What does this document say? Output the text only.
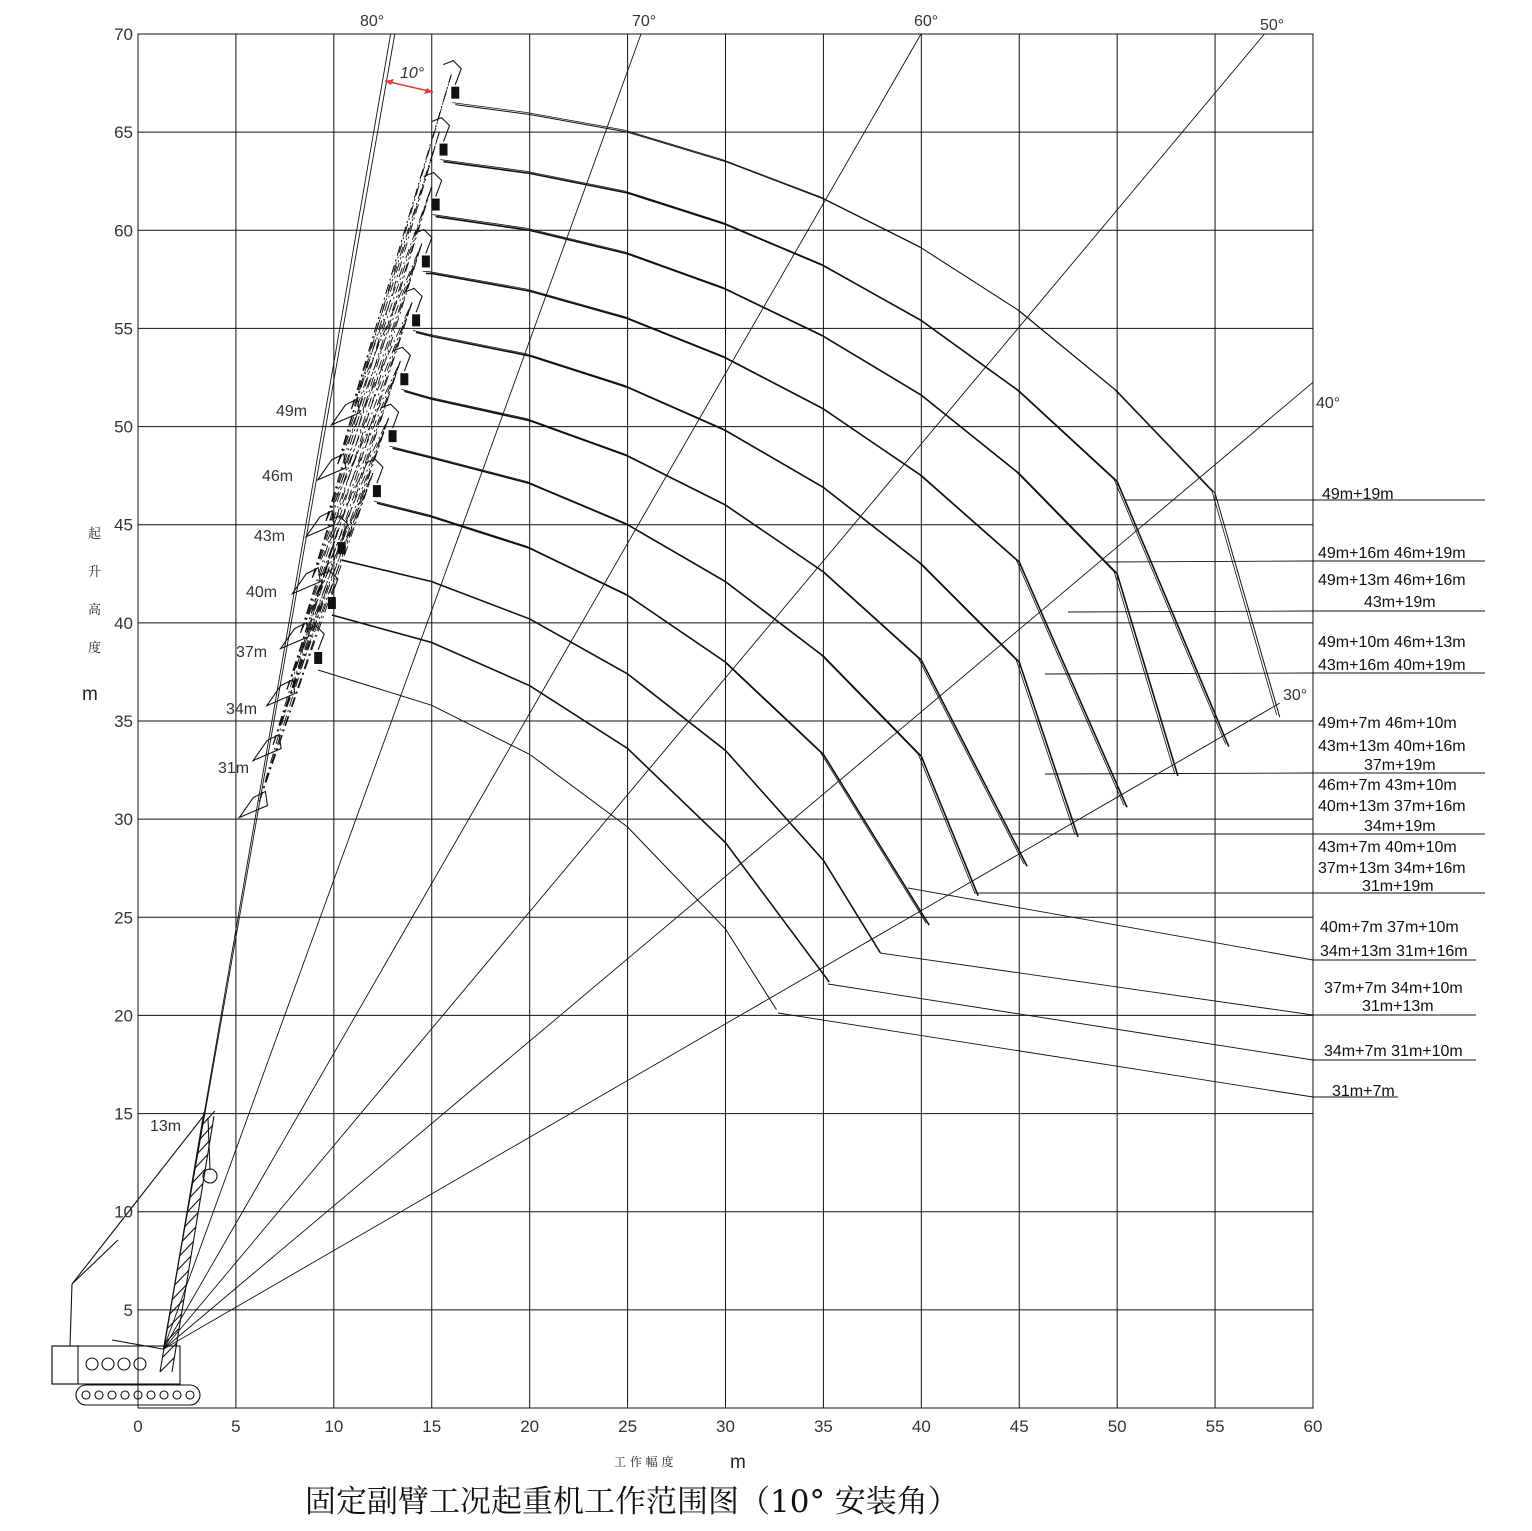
0	5	10	15	20	25	30	35	40	45	50	55	60
5
10
15
20
25
30
35
40
45
50
55
60
65
70
80°	70°	60°	50°
40°
30°
49m+19m
49m+16m 46m+19m
49m+13m 46m+16m
43m+19m
49m+10m 46m+13m
43m+16m 40m+19m
49m+7m 46m+10m
43m+13m 40m+16m
37m+19m
46m+7m 43m+10m
40m+13m 37m+16m
34m+19m
43m+7m 40m+10m
37m+13m 34m+16m
31m+19m
40m+7m 37m+10m
34m+13m 31m+16m
37m+7m 34m+10m
31m+13m
34m+7m 31m+10m
31m+7m
13m
31m
34m
37m
40m
43m
46m
49m
10°
起
升
高
度
m
工 作 幅 度	m
固定副臂工况起重机工作范围图（10° 安装角）
